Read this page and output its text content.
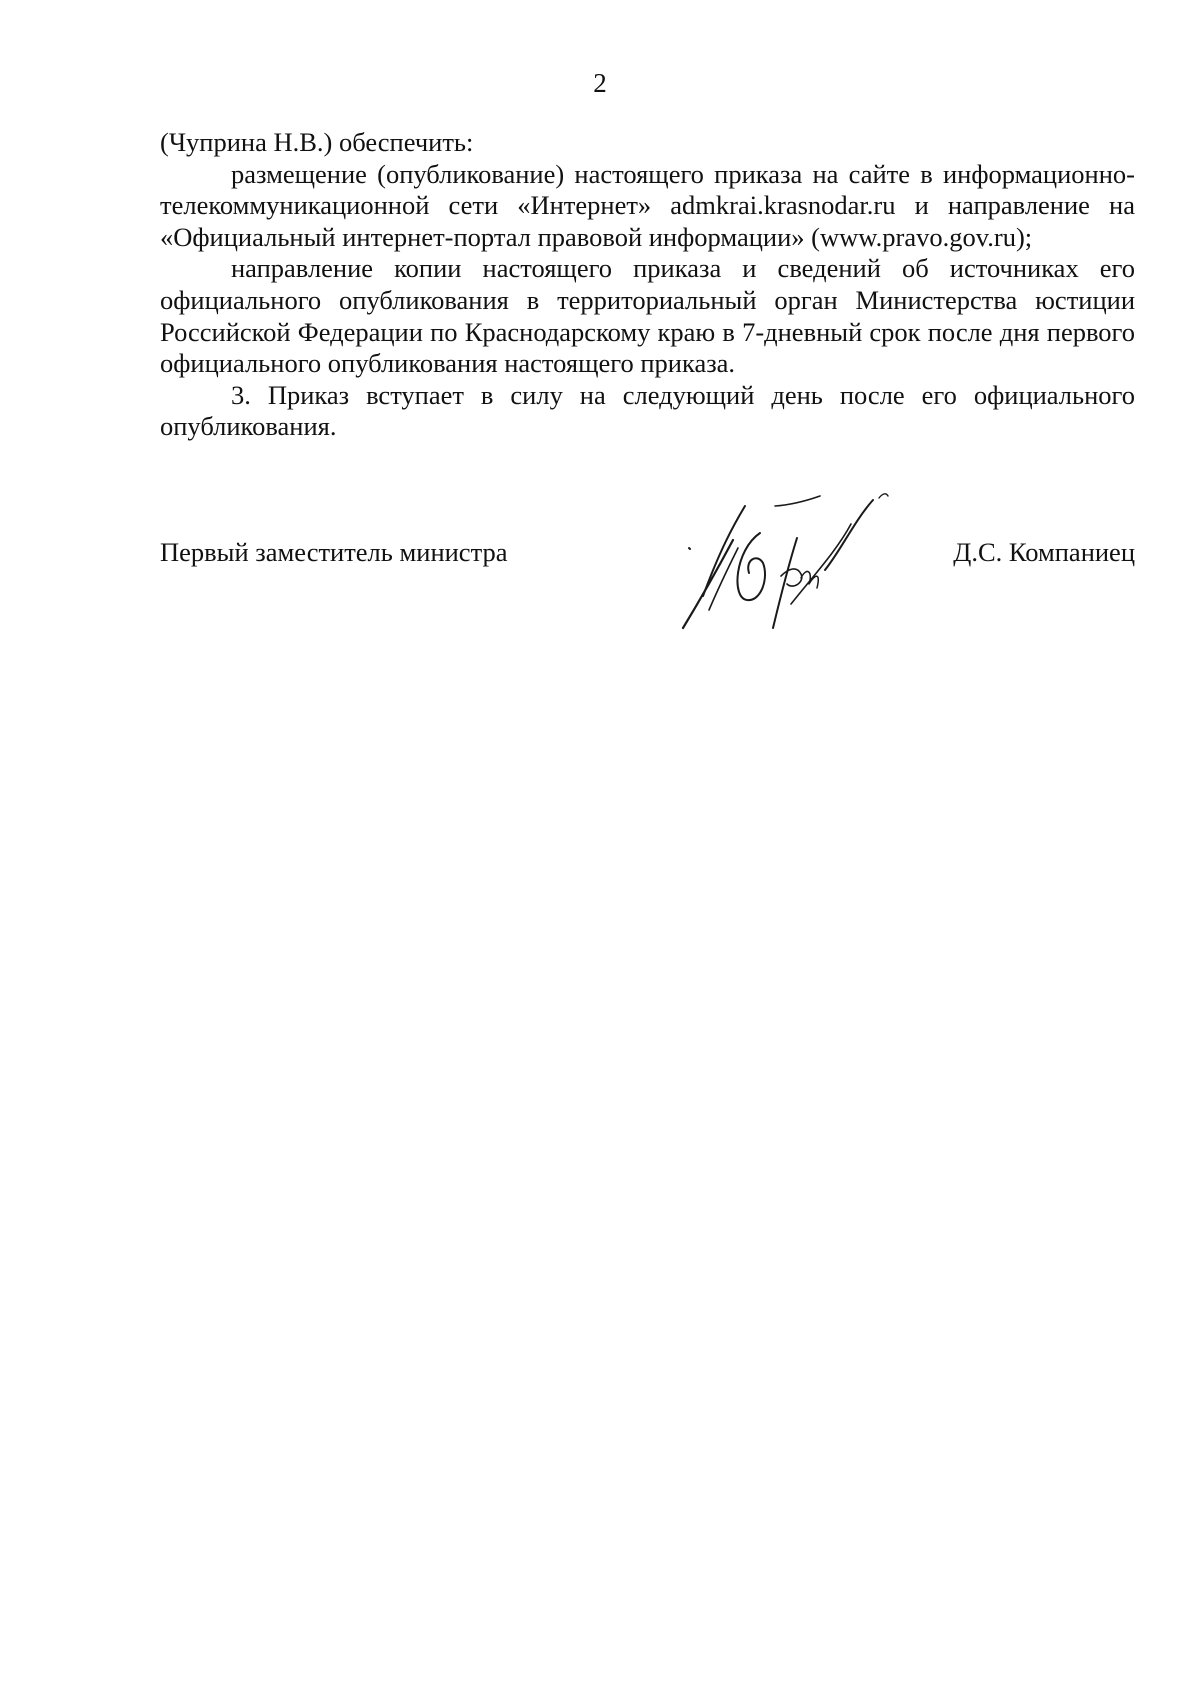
2

(Чуприна Н.В.) обеспечить:

размещение (опубликование) настоящего приказа на сайте в информационно-телекоммуникационной сети «Интернет» admkrai.krasnodar.ru и направление на «Официальный интернет-портал правовой информации» (www.pravo.gov.ru);

направление копии настоящего приказа и сведений об источниках его официального опубликования в территориальный орган Министерства юстиции Российской Федерации по Краснодарскому краю в 7-дневный срок после дня первого официального опубликования настоящего приказа.

3. Приказ вступает в силу на следующий день после его официального опубликования.

Первый заместитель министра	Д.С. Компаниец
